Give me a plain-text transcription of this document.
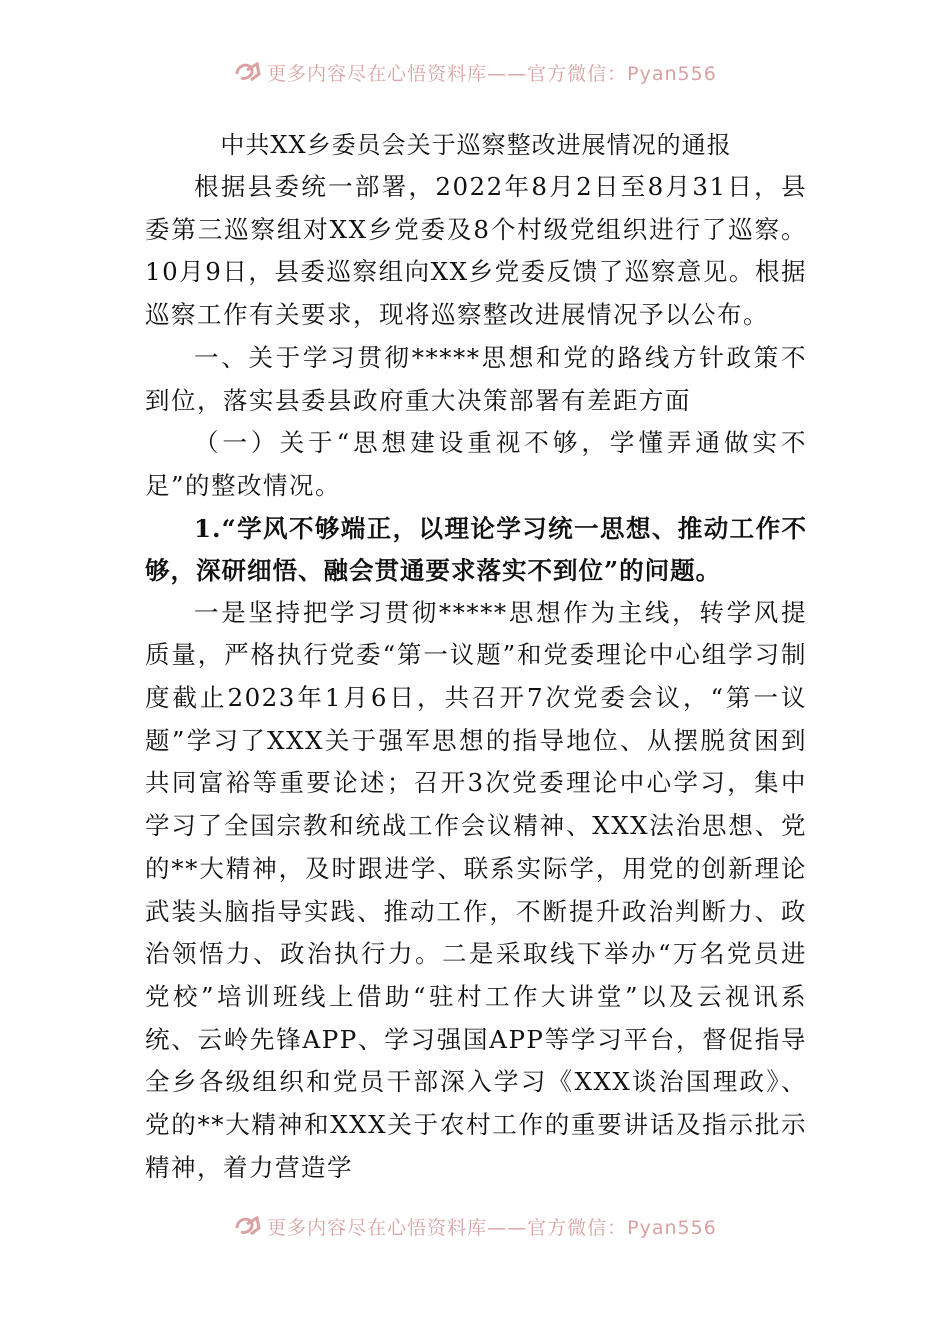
更多内容尽在心悟资料库——官方微信：Pyan556
中共XX乡委员会关于巡察整改进展情况的通报

根据县委统一部署，2022年8月2日至8月31日，县委第三巡察组对XX乡党委及8个村级党组织进行了巡察。10月9日，县委巡察组向XX乡党委反馈了巡察意见。根据巡察工作有关要求，现将巡察整改进展情况予以公布。

一、关于学习贯彻*****思想和党的路线方针政策不到位，落实县委县政府重大决策部署有差距方面

（一）关于“思想建设重视不够，学懂弄通做实不足”的整改情况。

1.“学风不够端正，以理论学习统一思想、推动工作不够，深研细悟、融会贯通要求落实不到位”的问题。

一是坚持把学习贯彻*****思想作为主线，转学风提质量，严格执行党委“第一议题”和党委理论中心组学习制度截止2023年1月6日，共召开7次党委会议，“第一议题”学习了XXX关于强军思想的指导地位、从摆脱贫困到共同富裕等重要论述；召开3次党委理论中心学习，集中学习了全国宗教和统战工作会议精神、XXX法治思想、党的**大精神，及时跟进学、联系实际学，用党的创新理论武装头脑指导实践、推动工作，不断提升政治判断力、政治领悟力、政治执行力。二是采取线下举办“万名党员进党校”培训班线上借助“驻村工作大讲堂”以及云视讯系统、云岭先锋APP、学习强国APP等学习平台，督促指导全乡各级组织和党员干部深入学习《XXX谈治国理政》、党的**大精神和XXX关于农村工作的重要讲话及指示批示精神，着力营造学

更多内容尽在心悟资料库——官方微信：Pyan556
